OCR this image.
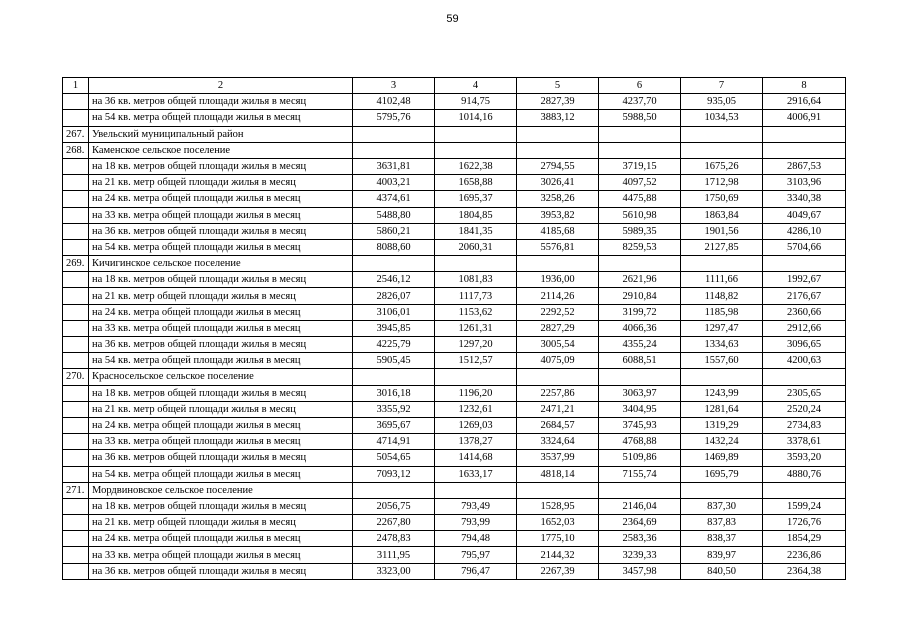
59
1	2	3	4	5	6	7	8
	на 36 кв. метров общей площади жилья в месяц	4102,48	914,75	2827,39	4237,70	935,05	2916,64
	на 54 кв. метра общей площади жилья в месяц	5795,76	1014,16	3883,12	5988,50	1034,53	4006,91
267.	Увельский муниципальный район						
268.	Каменское сельское поселение						
	на 18 кв. метров общей площади жилья в месяц	3631,81	1622,38	2794,55	3719,15	1675,26	2867,53
	на 21 кв. метр общей площади жилья в месяц	4003,21	1658,88	3026,41	4097,52	1712,98	3103,96
	на 24 кв. метра общей площади жилья в месяц	4374,61	1695,37	3258,26	4475,88	1750,69	3340,38
	на 33 кв. метра общей площади жилья в месяц	5488,80	1804,85	3953,82	5610,98	1863,84	4049,67
	на 36 кв. метров общей площади жилья в месяц	5860,21	1841,35	4185,68	5989,35	1901,56	4286,10
	на 54 кв. метра общей площади жилья в месяц	8088,60	2060,31	5576,81	8259,53	2127,85	5704,66
269.	Кичигинское сельское поселение						
	на 18 кв. метров общей площади жилья в месяц	2546,12	1081,83	1936,00	2621,96	1111,66	1992,67
	на 21 кв. метр общей площади жилья в месяц	2826,07	1117,73	2114,26	2910,84	1148,82	2176,67
	на 24 кв. метра общей площади жилья в месяц	3106,01	1153,62	2292,52	3199,72	1185,98	2360,66
	на 33 кв. метра общей площади жилья в месяц	3945,85	1261,31	2827,29	4066,36	1297,47	2912,66
	на 36 кв. метров общей площади жилья в месяц	4225,79	1297,20	3005,54	4355,24	1334,63	3096,65
	на 54 кв. метра общей площади жилья в месяц	5905,45	1512,57	4075,09	6088,51	1557,60	4200,63
270.	Красносельское сельское поселение						
	на 18 кв. метров общей площади жилья в месяц	3016,18	1196,20	2257,86	3063,97	1243,99	2305,65
	на 21 кв. метр общей площади жилья в месяц	3355,92	1232,61	2471,21	3404,95	1281,64	2520,24
	на 24 кв. метра общей площади жилья в месяц	3695,67	1269,03	2684,57	3745,93	1319,29	2734,83
	на 33 кв. метра общей площади жилья в месяц	4714,91	1378,27	3324,64	4768,88	1432,24	3378,61
	на 36 кв. метров общей площади жилья в месяц	5054,65	1414,68	3537,99	5109,86	1469,89	3593,20
	на 54 кв. метра общей площади жилья в месяц	7093,12	1633,17	4818,14	7155,74	1695,79	4880,76
271.	Мордвиновское сельское поселение						
	на 18 кв. метров общей площади жилья в месяц	2056,75	793,49	1528,95	2146,04	837,30	1599,24
	на 21 кв. метр общей площади жилья в месяц	2267,80	793,99	1652,03	2364,69	837,83	1726,76
	на 24 кв. метра общей площади жилья в месяц	2478,83	794,48	1775,10	2583,36	838,37	1854,29
	на 33 кв. метра общей площади жилья в месяц	3111,95	795,97	2144,32	3239,33	839,97	2236,86
	на 36 кв. метров общей площади жилья в месяц	3323,00	796,47	2267,39	3457,98	840,50	2364,38
